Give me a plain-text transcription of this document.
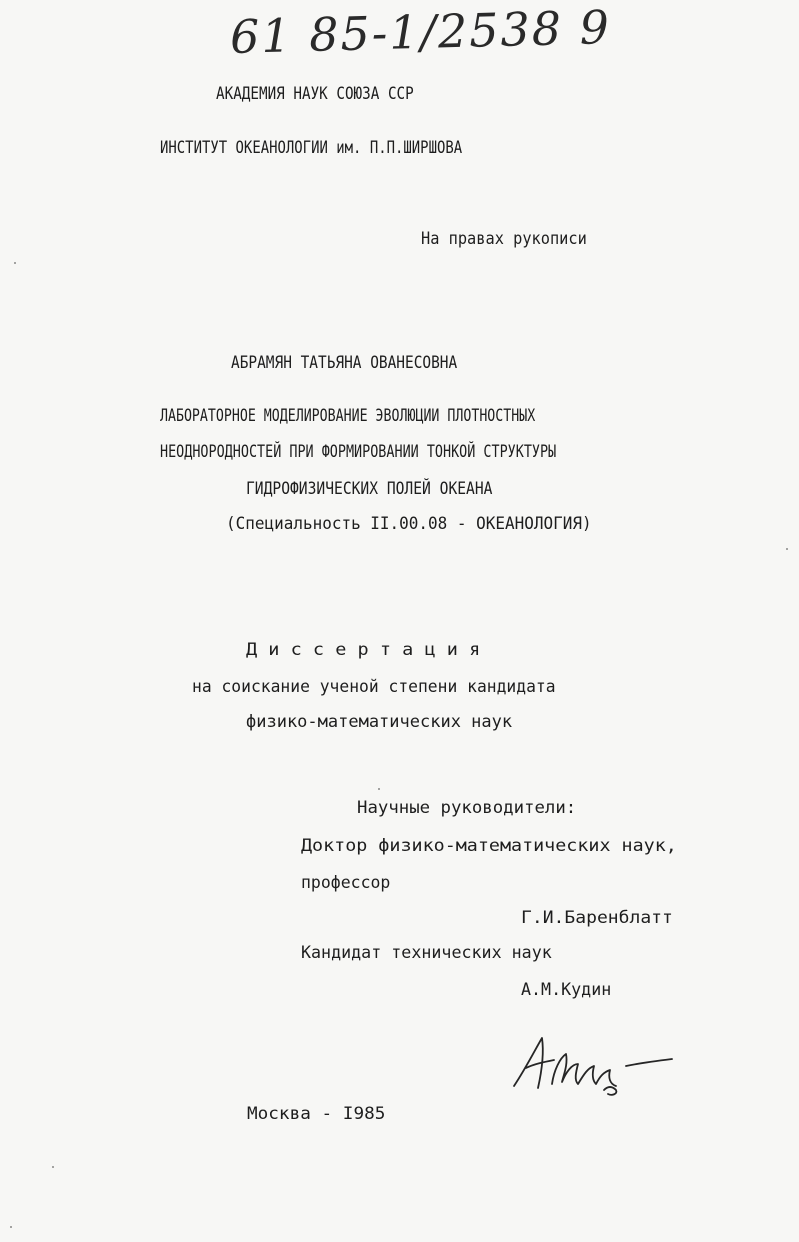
61 85-1/2538 9
АКАДЕМИЯ НАУК СОЮЗА ССР
ИНСТИТУТ ОКЕАНОЛОГИИ им. П.П.ШИРШОВА
На правах рукописи
АБРАМЯН ТАТЬЯНА ОВАНЕСОВНА
ЛАБОРАТОРНОЕ МОДЕЛИРОВАНИЕ ЭВОЛЮЦИИ ПЛОТНОСТНЫХ
НЕОДНОРОДНОСТЕЙ ПРИ ФОРМИРОВАНИИ ТОНКОЙ СТРУКТУРЫ
ГИДРОФИЗИЧЕСКИХ ПОЛЕЙ ОКЕАНА
(Специальность II.00.08 - ОКЕАНОЛОГИЯ)
Д и с с е р т а ц и я
на соискание ученой степени кандидата
физико-математических наук
Научные руководители:
Доктор физико-математических наук,
профессор
Г.И.Баренблатт
Кандидат технических наук
А.М.Кудин
Москва - I985
